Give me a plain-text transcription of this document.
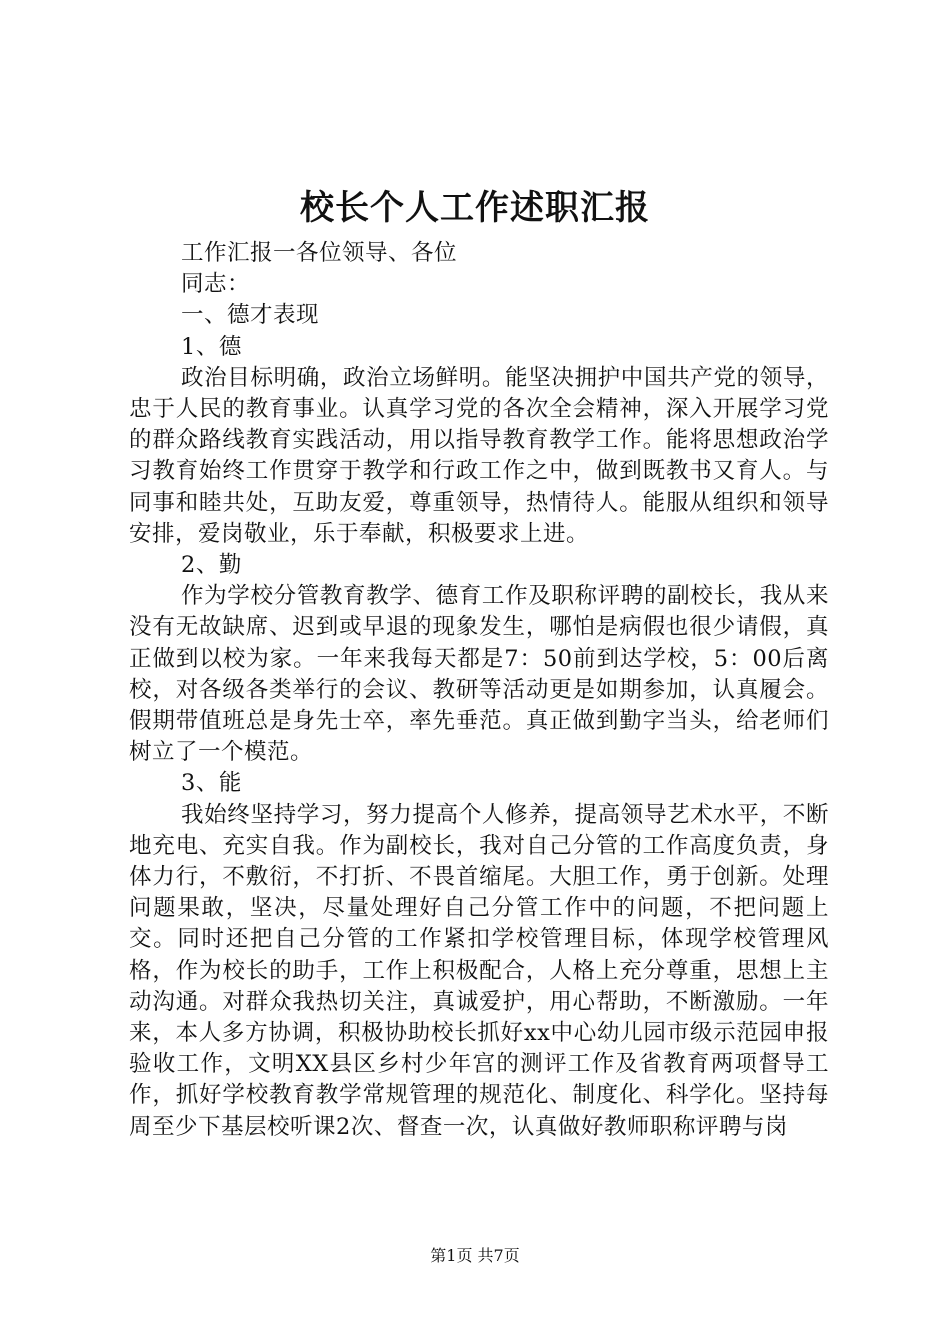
校长个人工作述职汇报

工作汇报一各位领导、各位

同志：

一、德才表现

1、德

政治目标明确，政治立场鲜明。能坚决拥护中国共产党的领导，忠于人民的教育事业。认真学习党的各次全会精神，深入开展学习党的群众路线教育实践活动，用以指导教育教学工作。能将思想政治学习教育始终工作贯穿于教学和行政工作之中，做到既教书又育人。与同事和睦共处，互助友爱，尊重领导，热情待人。能服从组织和领导安排，爱岗敬业，乐于奉献，积极要求上进。

2、勤

作为学校分管教育教学、德育工作及职称评聘的副校长，我从来没有无故缺席、迟到或早退的现象发生，哪怕是病假也很少请假，真正做到以校为家。一年来我每天都是7：50前到达学校，5：00后离校，对各级各类举行的会议、教研等活动更是如期参加，认真履会。假期带值班总是身先士卒，率先垂范。真正做到勤字当头，给老师们树立了一个模范。

3、能

我始终坚持学习，努力提高个人修养，提高领导艺术水平，不断地充电、充实自我。作为副校长，我对自己分管的工作高度负责，身体力行，不敷衍，不打折、不畏首缩尾。大胆工作，勇于创新。处理问题果敢，坚决，尽量处理好自己分管工作中的问题，不把问题上交。同时还把自己分管的工作紧扣学校管理目标，体现学校管理风格，作为校长的助手，工作上积极配合，人格上充分尊重，思想上主动沟通。对群众我热切关注，真诚爱护，用心帮助，不断激励。一年来，本人多方协调，积极协助校长抓好xx中心幼儿园市级示范园申报验收工作，文明XX县区乡村少年宫的测评工作及省教育两项督导工作，抓好学校教育教学常规管理的规范化、制度化、科学化。坚持每周至少下基层校听课2次、督查一次，认真做好教师职称评聘与岗

第1页 共7页
